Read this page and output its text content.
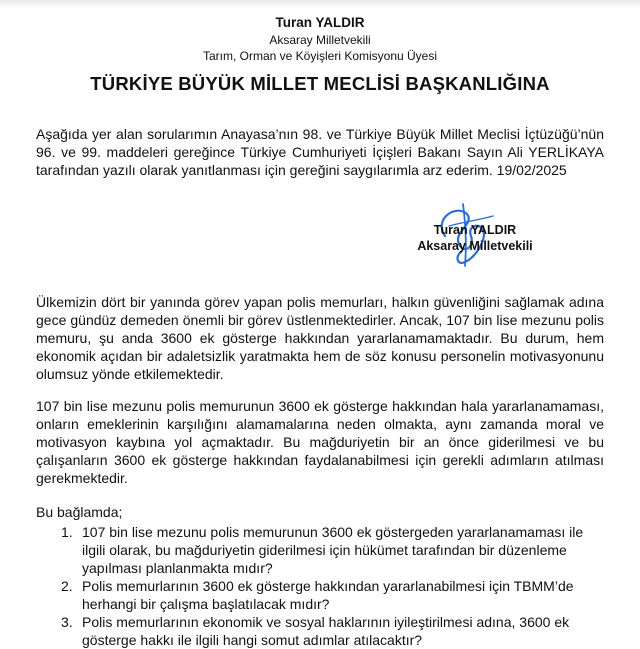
Turan YALDIR
Aksaray Milletvekili
Tarım, Orman ve Köyişleri Komisyonu Üyesi
TÜRKİYE BÜYÜK MİLLET MECLİSİ BAŞKANLIĞINA
Aşağıda yer alan sorularımın Anayasa’nın 98. ve Türkiye Büyük Millet Meclisi İçtüzüğü’nün 96. ve 99. maddeleri gereğince Türkiye Cumhuriyeti İçişleri Bakanı Sayın Ali YERLİKAYA tarafından yazılı olarak yanıtlanması için gereğini saygılarımla arz ederim. 19/02/2025
Turan YALDIR
Aksaray Milletvekili
Ülkemizin dört bir yanında görev yapan polis memurları, halkın güvenliğini sağlamak adına gece gündüz demeden önemli bir görev üstlenmektedirler. Ancak, 107 bin lise mezunu polis memuru, şu anda 3600 ek gösterge hakkından yararlanamamaktadır. Bu durum, hem ekonomik açıdan bir adaletsizlik yaratmakta hem de söz konusu personelin motivasyonunu olumsuz yönde etkilemektedir.
107 bin lise mezunu polis memurunun 3600 ek gösterge hakkından hala yararlanamaması, onların emeklerinin karşılığını alamamalarına neden olmakta, aynı zamanda moral ve motivasyon kaybına yol açmaktadır. Bu mağduriyetin bir an önce giderilmesi ve bu çalışanların 3600 ek gösterge hakkından faydalanabilmesi için gerekli adımların atılması gerekmektedir.
Bu bağlamda;
1. 107 bin lise mezunu polis memurunun 3600 ek göstergeden yararlanamaması ile ilgili olarak, bu mağduriyetin giderilmesi için hükümet tarafından bir düzenleme yapılması planlanmakta mıdır?
2. Polis memurlarının 3600 ek gösterge hakkından yararlanabilmesi için TBMM’de herhangi bir çalışma başlatılacak mıdır?
3. Polis memurlarının ekonomik ve sosyal haklarının iyileştirilmesi adına, 3600 ek gösterge hakkı ile ilgili hangi somut adımlar atılacaktır?
